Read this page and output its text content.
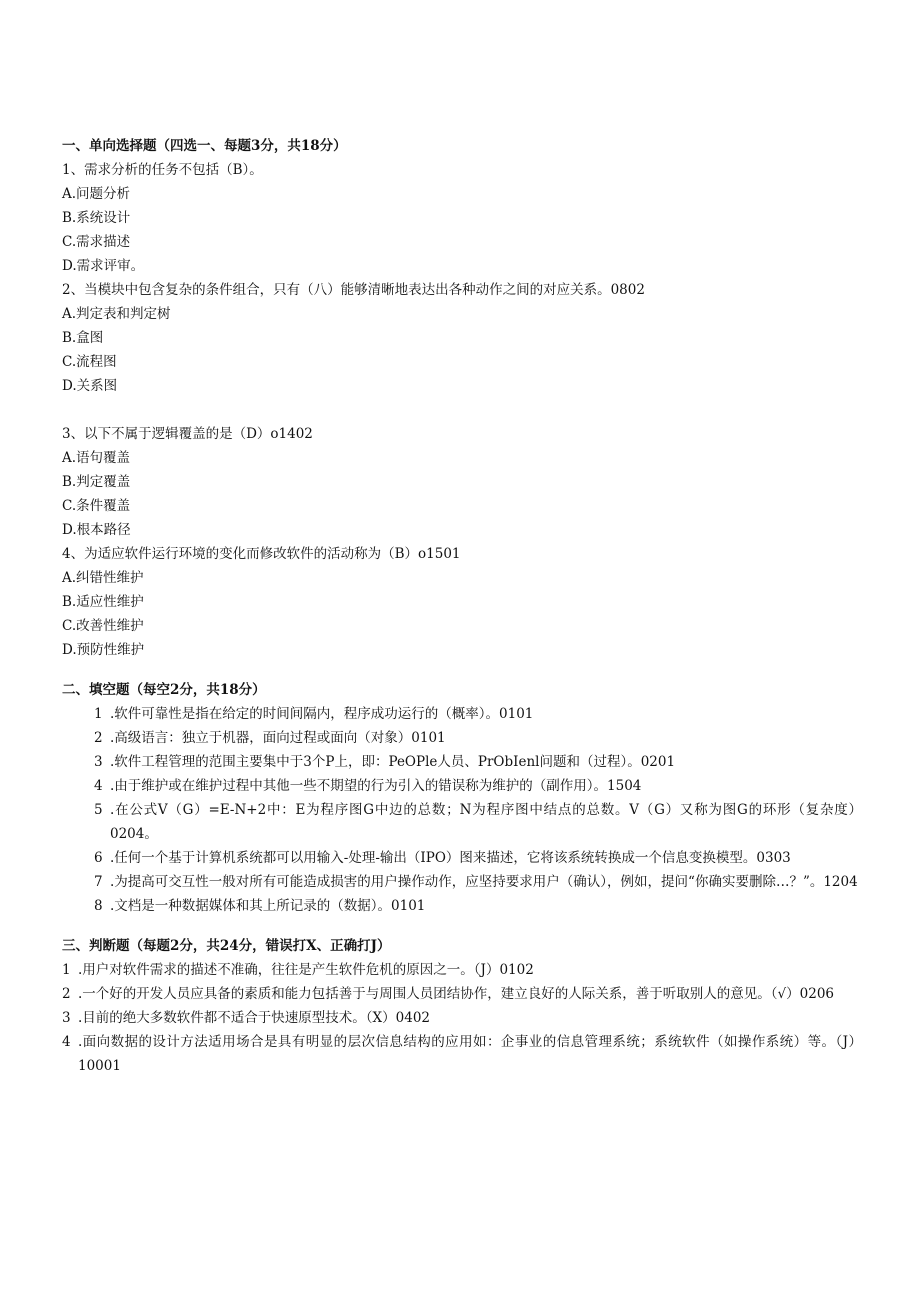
一、单向选择题（四选一、每题3分，共18分）
1、需求分析的任务不包括（B）。
A.问题分析
B.系统设计
C.需求描述
D.需求评审。
2、当模块中包含复杂的条件组合，只有（八）能够清晰地表达出各种动作之间的对应关系。0802
A.判定表和判定树
B.盒图
C.流程图
D.关系图
3、以下不属于逻辑覆盖的是（D）o1402
A.语句覆盖
B.判定覆盖
C.条件覆盖
D.根本路径
4、为适应软件运行环境的变化而修改软件的活动称为（B）o1501
A.纠错性维护
B.适应性维护
C.改善性维护
D.预防性维护
二、填空题（每空2分，共18分）
1 .软件可靠性是指在给定的时间间隔内，程序成功运行的（概率）。0101
2 .高级语言：独立于机器，面向过程或面向（对象）0101
3 .软件工程管理的范围主要集中于3个P上，即：PeOPle人员、PrObIenl问题和（过程）。0201
4 .由于维护或在维护过程中其他一些不期望的行为引入的错误称为维护的（副作用）。1504
5 .在公式V（G）=E-N+2中：E为程序图G中边的总数；N为程序图中结点的总数。V（G）又称为图G的环形（复杂度）0204。
6 .任何一个基于计算机系统都可以用输入-处理-输出（IPO）图来描述，它将该系统转换成一个信息变换模型。0303
7 .为提高可交互性一般对所有可能造成损害的用户操作动作，应坚持要求用户（确认），例如，提问“你确实要删除…？”。1204
8 .文档是一种数据媒体和其上所记录的（数据）。0101
三、判断题（每题2分，共24分，错误打X、正确打J）
1 .用户对软件需求的描述不准确，往往是产生软件危机的原因之一。（J）0102
2 .一个好的开发人员应具备的素质和能力包括善于与周围人员团结协作，建立良好的人际关系，善于听取别人的意见。（√）0206
3 .目前的绝大多数软件都不适合于快速原型技术。（X）0402
4 .面向数据的设计方法适用场合是具有明显的层次信息结构的应用如：企事业的信息管理系统；系统软件（如操作系统）等。（J）10001
